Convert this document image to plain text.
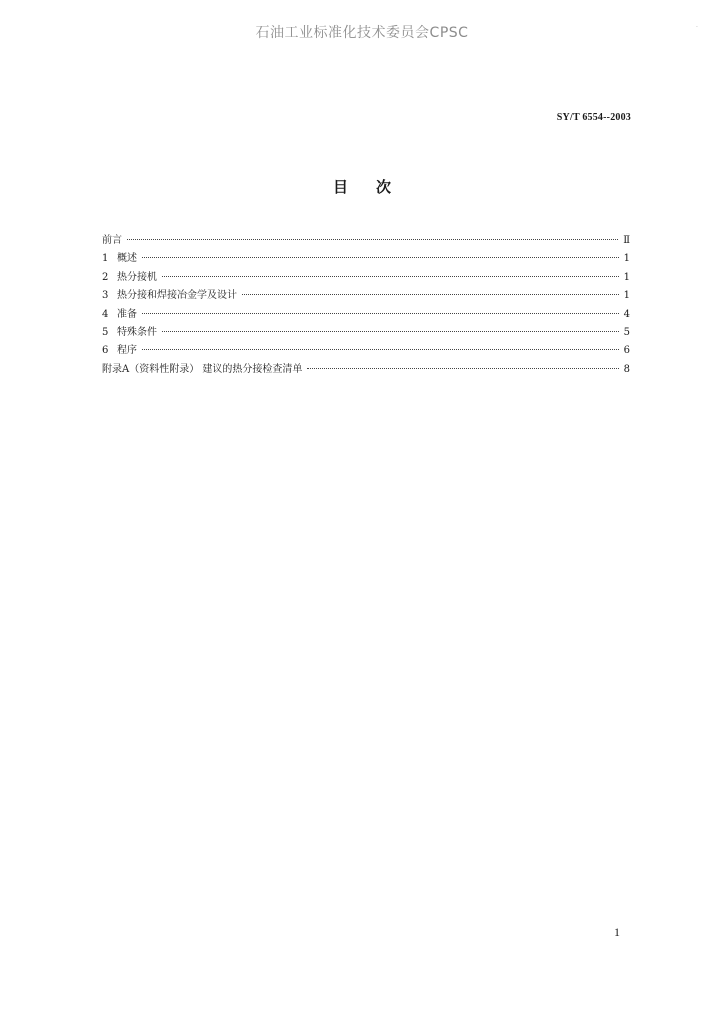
石油工业标准化技术委员会CPSC	·
SY/T 6554--2003
目次
前言	Ⅱ
1 概述	1
2 热分接机	1
3 热分接和焊接冶金学及设计	1
4 准备	4
5 特殊条件	5
6 程序	6
附录A（资料性附录） 建议的热分接检查清单	8
1
